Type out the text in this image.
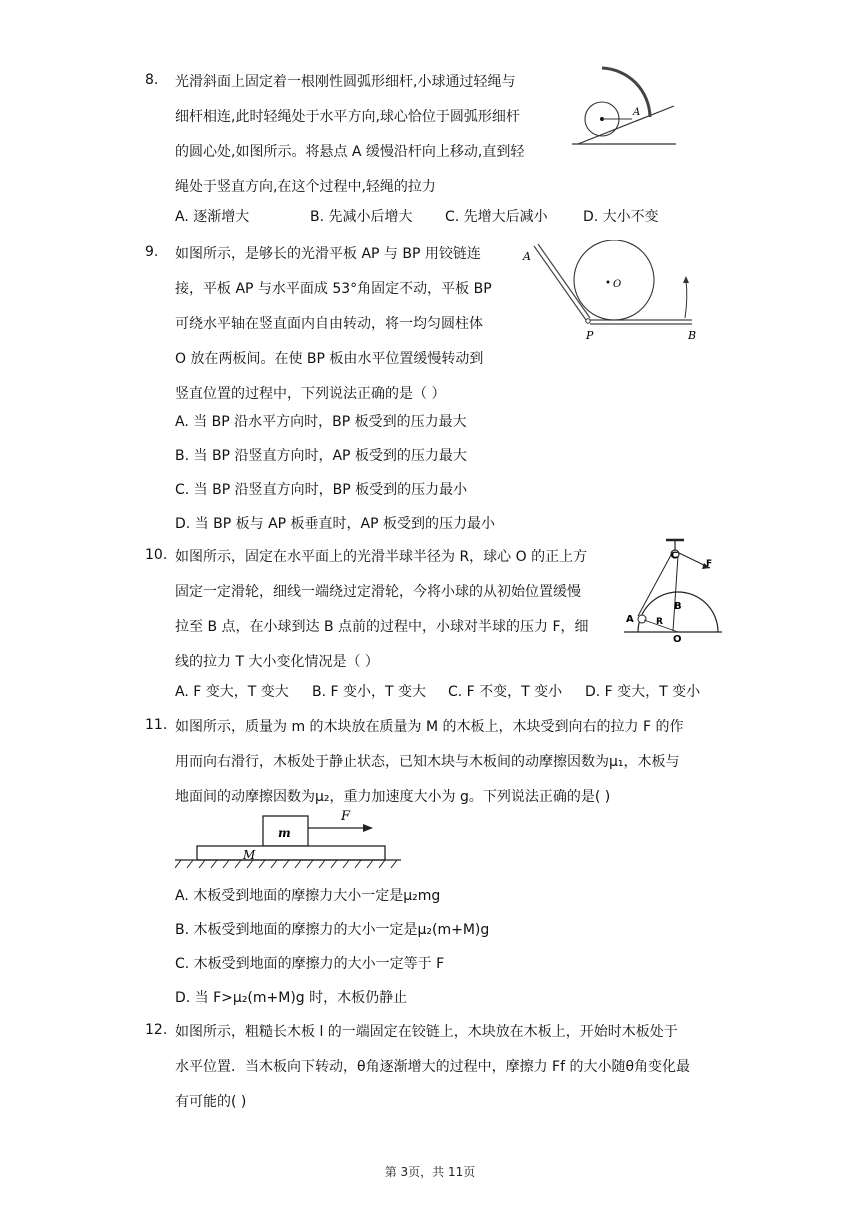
8.	光滑斜面上固定着一根刚性圆弧形细杆,小球通过轻绳与
细杆相连,此时轻绳处于水平方向,球心恰位于圆弧形细杆
的圆心处,如图所示。将悬点 A 缓慢沿杆向上移动,直到轻
绳处于竖直方向,在这个过程中,轻绳的拉力
A. 逐渐增大	B. 先减小后增大 C. 先增大后减小	D. 大小不变
A
9.	如图所示，是够长的光滑平板 AP 与 BP 用铰链连
接，平板 AP 与水平面成 53°角固定不动，平板 BP
可绕水平轴在竖直面内自由转动，将一均匀圆柱体
O 放在两板间。在使 BP 板由水平位置缓慢转动到
竖直位置的过程中，下列说法正确的是（ ）
A. 当 BP 沿水平方向时，BP 板受到的压力最大
B. 当 BP 沿竖直方向时，AP 板受到的压力最大
C. 当 BP 沿竖直方向时，BP 板受到的压力最小
D. 当 BP 板与 AP 板垂直时，AP 板受到的压力最小
A
O
P	B
10. 如图所示，固定在水平面上的光滑半球半径为 R，球心 O 的正上方
固定一定滑轮，细线一端绕过定滑轮，今将小球的从初始位置缓慢
拉至 B 点，在小球到达 B 点前的过程中，小球对半球的压力 F，细
线的拉力 T 大小变化情况是（ ）
A. F 变大，T 变大 B. F 变小，T 变大 C. F 不变，T 变小 D. F 变大，T 变小
C
F
A
B
R
O
11. 如图所示，质量为 m 的木块放在质量为 M 的木板上，木块受到向右的拉力 F 的作
用而向右滑行，木板处于静止状态，已知木块与木板间的动摩擦因数为μ₁，木板与
地面间的动摩擦因数为μ₂，重力加速度大小为 g。下列说法正确的是( )
m
M
F
A. 木板受到地面的摩擦力大小一定是μ₂mg
B. 木板受到地面的摩擦力的大小一定是μ₂(m+M)g
C. 木板受到地面的摩擦力的大小一定等于 F
D. 当 F>μ₂(m+M)g 时，木板仍静止
12. 如图所示，粗糙长木板 l 的一端固定在铰链上，木块放在木板上，开始时木板处于
水平位置．当木板向下转动，θ角逐渐增大的过程中，摩擦力 Ff 的大小随θ角变化最
有可能的( )
第 3页，共 11页
